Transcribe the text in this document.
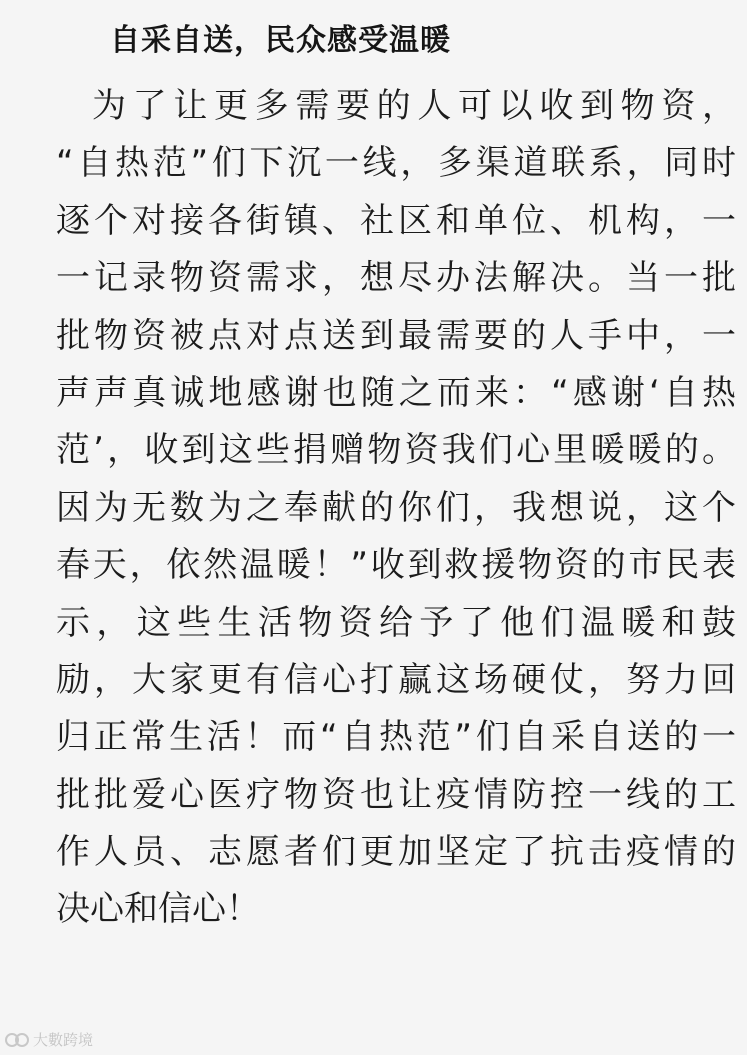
自采自送，民众感受温暖
为了让更多需要的人可以收到物资，
“自热范”们下沉一线，多渠道联系，同时
逐个对接各街镇、社区和单位、机构，一
一记录物资需求，想尽办法解决。当一批
批物资被点对点送到最需要的人手中，一
声声真诚地感谢也随之而来：“感谢‘自热
范’，收到这些捐赠物资我们心里暖暖的。
因为无数为之奉献的你们，我想说，这个
春天，依然温暖！”收到救援物资的市民表
示，这些生活物资给予了他们温暖和鼓
励，大家更有信心打赢这场硬仗，努力回
归正常生活！而“自热范”们自采自送的一
批批爱心医疗物资也让疫情防控一线的工
作人员、志愿者们更加坚定了抗击疫情的
决心和信心！
大數跨境
